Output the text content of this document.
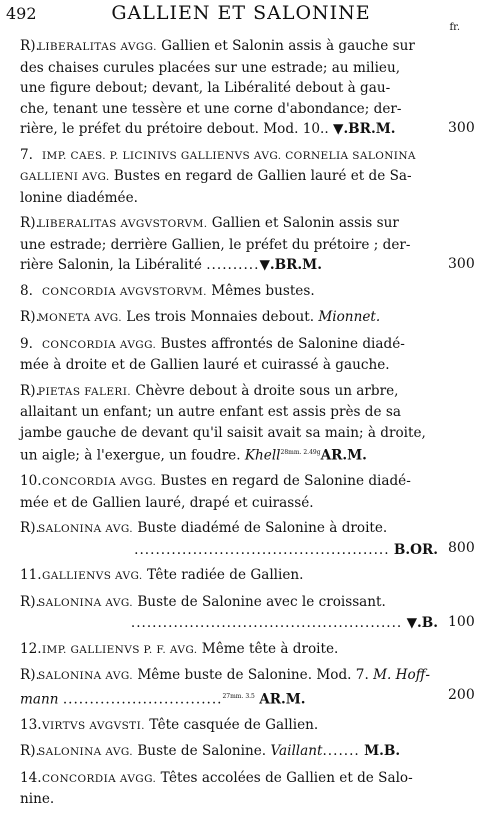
492	GALLIEN ET SALONINE
fr.
R).LIBERALITAS AVGG. Gallien et Salonin assis à gauche sur
des chaises curules placées sur une estrade; au milieu,
une figure debout; devant, la Libéralité debout à gau-
che, tenant une tessère et une corne d'abondance; der-
rière, le préfet du prétoire debout. Mod. 10.. ▼.BR.M.	300
7. IMP. CAES. P. LICINIVS GALLIENVS AVG. CORNELIA SALONINA
GALLIENI AVG. Bustes en regard de Gallien lauré et de Sa-
lonine diadémée.
R).LIBERALITAS AVGVSTORVM. Gallien et Salonin assis sur
une estrade; derrière Gallien, le préfet du prétoire ; der-
rière Salonin, la Libéralité ..........▼.BR.M.	300
8. CONCORDIA AVGVSTORVM. Mêmes bustes.
R).MONETA AVG. Les trois Monnaies debout. Mionnet.
9. CONCORDIA AVGG. Bustes affrontés de Salonine diadé-
mée à droite et de Gallien lauré et cuirassé à gauche.
R).PIETAS FALERI. Chèvre debout à droite sous un arbre,
allaitant un enfant; un autre enfant est assis près de sa
jambe gauche de devant qu'il saisit avait sa main; à droite,
un aigle; à l'exergue, un foudre. Khell$^{28mm. 2.49g}$AR.M.
10.CONCORDIA AVGG. Bustes en regard de Salonine diadé-
mée et de Gallien lauré, drapé et cuirassé.
R).SALONINA AVG. Buste diadémé de Salonine à droite.
................................................ B.OR. 800
11.GALLIENVS AVG. Tête radiée de Gallien.
R).SALONINA AVG. Buste de Salonine avec le croissant.
................................................... ▼.B. 100
12.IMP. GALLIENVS P. F. AVG. Même tête à droite.
R).SALONINA AVG. Même buste de Salonine. Mod. 7. M. Hoff-
mann ..............................$^{27mm. 3.5}$ AR.M.	200
13.VIRTVS AVGVSTI. Tête casquée de Gallien.
R).SALONINA AVG. Buste de Salonine. Vaillant....... M.B.
14.CONCORDIA AVGG. Têtes accolées de Gallien et de Salo-
nine.
